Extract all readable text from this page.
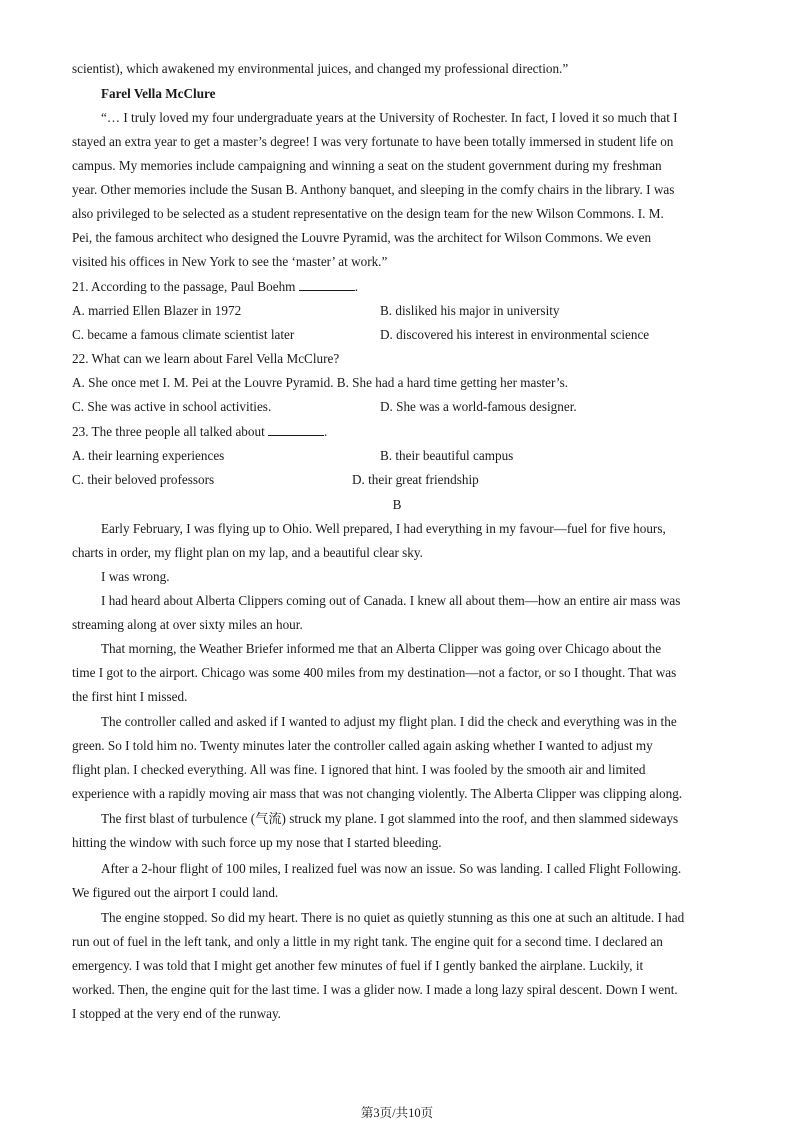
scientist), which awakened my environmental juices, and changed my professional direction.”
Farel Vella McClure
“… I truly loved my four undergraduate years at the University of Rochester. In fact, I loved it so much that I
stayed an extra year to get a master’s degree! I was very fortunate to have been totally immersed in student life on
campus. My memories include campaigning and winning a seat on the student government during my freshman
year. Other memories include the Susan B. Anthony banquet, and sleeping in the comfy chairs in the library. I was
also privileged to be selected as a student representative on the design team for the new Wilson Commons. I. M.
Pei, the famous architect who designed the Louvre Pyramid, was the architect for Wilson Commons. We even
visited his offices in New York to see the ‘master’ at work.”
21. According to the passage, Paul Boehm	.
A. married Ellen Blazer in 1972	B. disliked his major in university
C. became a famous climate scientist later	D. discovered his interest in environmental science
22. What can we learn about Farel Vella McClure?
A. She once met I. M. Pei at the Louvre Pyramid. B. She had a hard time getting her master’s.
C. She was active in school activities.	D. She was a world-famous designer.
23. The three people all talked about	.
A. their learning experiences	B. their beautiful campus
C. their beloved professors	D. their great friendship
B
Early February, I was flying up to Ohio. Well prepared, I had everything in my favour—fuel for five hours,
charts in order, my flight plan on my lap, and a beautiful clear sky.
I was wrong.
I had heard about Alberta Clippers coming out of Canada. I knew all about them—how an entire air mass was
streaming along at over sixty miles an hour.
That morning, the Weather Briefer informed me that an Alberta Clipper was going over Chicago about the
time I got to the airport. Chicago was some 400 miles from my destination—not a factor, or so I thought. That was
the first hint I missed.
The controller called and asked if I wanted to adjust my flight plan. I did the check and everything was in the
green. So I told him no. Twenty minutes later the controller called again asking whether I wanted to adjust my
flight plan. I checked everything. All was fine. I ignored that hint. I was fooled by the smooth air and limited
experience with a rapidly moving air mass that was not changing violently. The Alberta Clipper was clipping along.
The first blast of turbulence (气流) struck my plane. I got slammed into the roof, and then slammed sideways
hitting the window with such force up my nose that I started bleeding.
After a 2-hour flight of 100 miles, I realized fuel was now an issue. So was landing. I called Flight Following.
We figured out the airport I could land.
The engine stopped. So did my heart. There is no quiet as quietly stunning as this one at such an altitude. I had
run out of fuel in the left tank, and only a little in my right tank. The engine quit for a second time. I declared an
emergency. I was told that I might get another few minutes of fuel if I gently banked the airplane. Luckily, it
worked. Then, the engine quit for the last time. I was a glider now. I made a long lazy spiral descent. Down I went.
I stopped at the very end of the runway.
第3页/共10页
